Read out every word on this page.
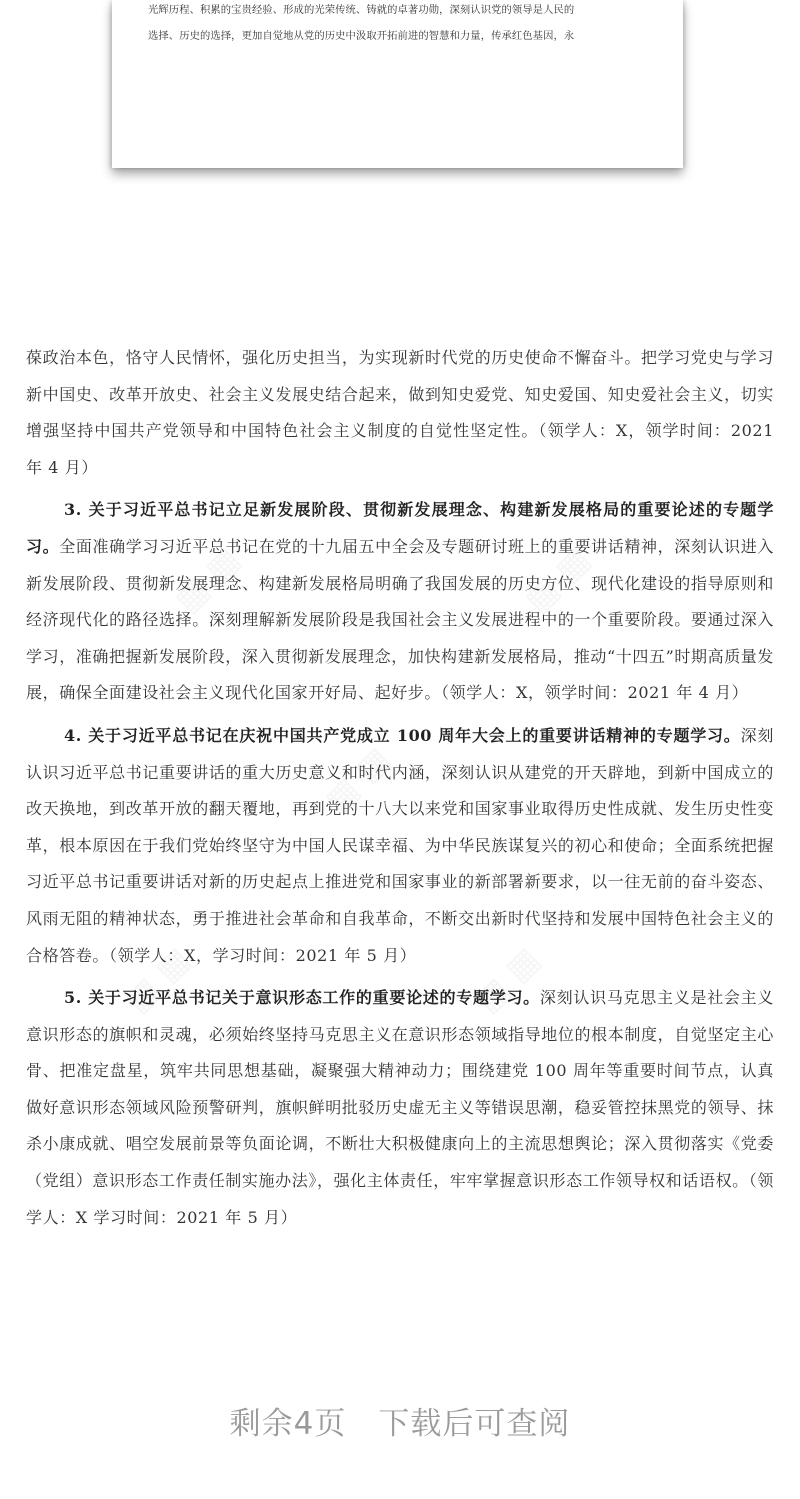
光辉历程、积累的宝贵经验、形成的光荣传统、铸就的卓著功勋，深刻认识党的领导是人民的
选择、历史的选择，更加自觉地从党的历史中汲取开拓前进的智慧和力量，传承红色基因，永

葆政治本色，恪守人民情怀，强化历史担当，为实现新时代党的历史使命不懈奋斗。把学习党史与学习新中国史、改革开放史、社会主义发展史结合起来，做到知史爱党、知史爱国、知史爱社会主义，切实增强坚持中国共产党领导和中国特色社会主义制度的自觉性坚定性。（领学人：X，领学时间：2021 年 4 月）

3. 关于习近平总书记立足新发展阶段、贯彻新发展理念、构建新发展格局的重要论述的专题学习。全面准确学习习近平总书记在党的十九届五中全会及专题研讨班上的重要讲话精神，深刻认识进入新发展阶段、贯彻新发展理念、构建新发展格局明确了我国发展的历史方位、现代化建设的指导原则和经济现代化的路径选择。深刻理解新发展阶段是我国社会主义发展进程中的一个重要阶段。要通过深入学习，准确把握新发展阶段，深入贯彻新发展理念，加快构建新发展格局，推动“十四五”时期高质量发展，确保全面建设社会主义现代化国家开好局、起好步。（领学人：X，领学时间：2021 年 4 月）

4. 关于习近平总书记在庆祝中国共产党成立 100 周年大会上的重要讲话精神的专题学习。深刻认识习近平总书记重要讲话的重大历史意义和时代内涵，深刻认识从建党的开天辟地，到新中国成立的改天换地，到改革开放的翻天覆地，再到党的十八大以来党和国家事业取得历史性成就、发生历史性变革，根本原因在于我们党始终坚守为中国人民谋幸福、为中华民族谋复兴的初心和使命；全面系统把握习近平总书记重要讲话对新的历史起点上推进党和国家事业的新部署新要求，以一往无前的奋斗姿态、风雨无阻的精神状态，勇于推进社会革命和自我革命，不断交出新时代坚持和发展中国特色社会主义的合格答卷。（领学人：X，学习时间：2021 年 5 月）

5. 关于习近平总书记关于意识形态工作的重要论述的专题学习。深刻认识马克思主义是社会主义意识形态的旗帜和灵魂，必须始终坚持马克思主义在意识形态领域指导地位的根本制度，自觉坚定主心骨、把准定盘星，筑牢共同思想基础，凝聚强大精神动力；围绕建党 100 周年等重要时间节点，认真做好意识形态领域风险预警研判，旗帜鲜明批驳历史虚无主义等错误思潮，稳妥管控抹黑党的领导、抹杀小康成就、唱空发展前景等负面论调，不断壮大积极健康向上的主流思想舆论；深入贯彻落实《党委（党组）意识形态工作责任制实施办法》，强化主体责任，牢牢掌握意识形态工作领导权和话语权。（领学人：X 学习时间：2021 年 5 月）

剩余4页　下载后可查阅
